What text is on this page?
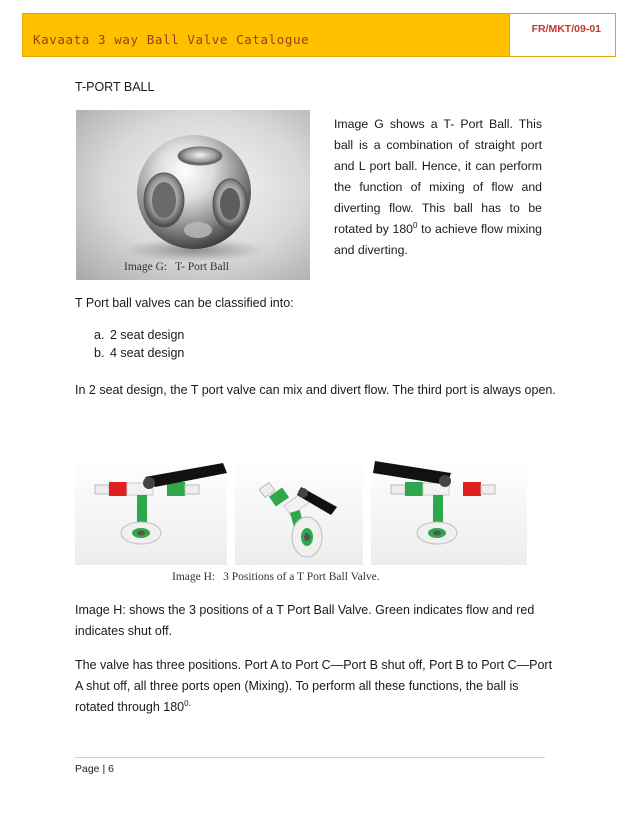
Kavaata 3 way Ball Valve Catalogue
FR/MKT/09-01
T-PORT BALL
Image G: T- Port Ball

Image G shows a T- Port Ball. This ball is a combination of straight port and L port ball. Hence, it can perform the function of mixing of flow and diverting flow. This ball has to be rotated by $180^0$ to achieve flow mixing and diverting.

T Port ball valves can be classified into:

a. 2 seat design
b. 4 seat design

In 2 seat design, the T port valve can mix and divert flow. The third port is always open.

Image H: 3 Positions of a T Port Ball Valve.

Image H: shows the 3 positions of a T Port Ball Valve. Green indicates flow and red indicates shut off.

The valve has three positions. Port A to Port C—Port B shut off, Port B to Port C—Port A shut off, all three ports open (Mixing). To perform all these functions, the ball is rotated through $180^{0.}$

Page | 6
